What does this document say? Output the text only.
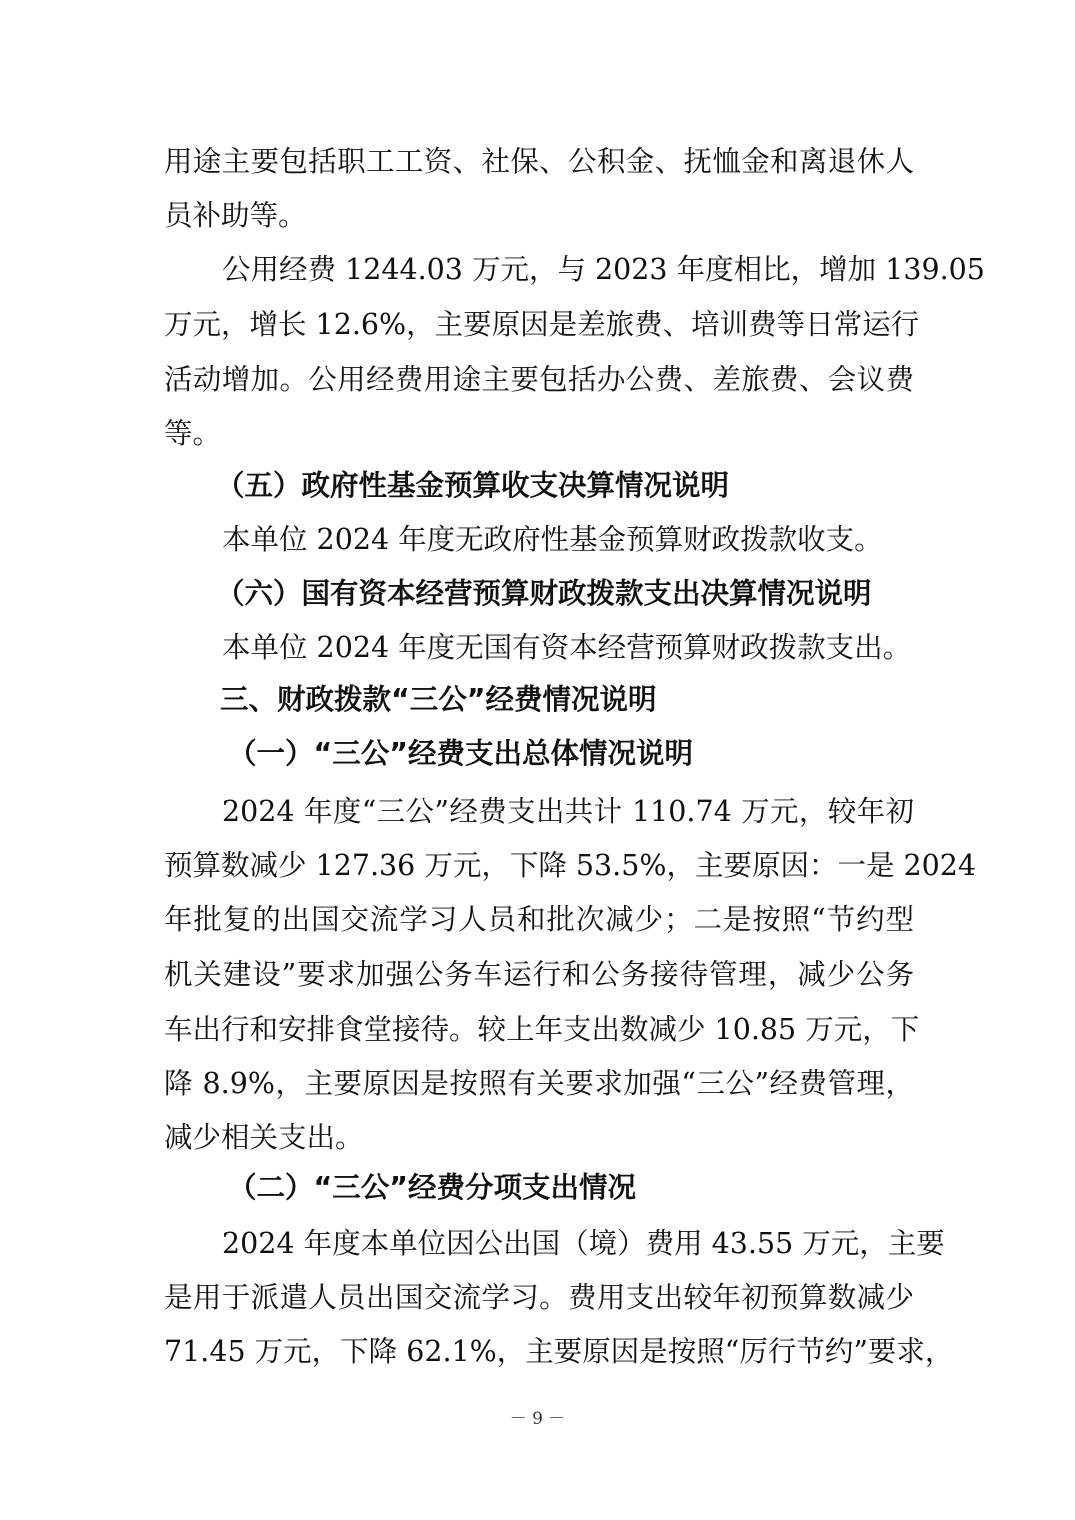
用途主要包括职工工资、社保、公积金、抚恤金和离退休人
员补助等。
公用经费 1244.03 万元，与 2023 年度相比，增加 139.05
万元，增长 12.6%，主要原因是差旅费、培训费等日常运行
活动增加。公用经费用途主要包括办公费、差旅费、会议费
等。
（五）政府性基金预算收支决算情况说明
本单位 2024 年度无政府性基金预算财政拨款收支。
（六）国有资本经营预算财政拨款支出决算情况说明
本单位 2024 年度无国有资本经营预算财政拨款支出。
三、财政拨款“三公”经费情况说明
（一）“三公”经费支出总体情况说明
2024 年度“三公”经费支出共计 110.74 万元，较年初
预算数减少 127.36 万元，下降 53.5%，主要原因：一是 2024
年批复的出国交流学习人员和批次减少；二是按照“节约型
机关建设”要求加强公务车运行和公务接待管理，减少公务
车出行和安排食堂接待。较上年支出数减少 10.85 万元，下
降 8.9%，主要原因是按照有关要求加强“三公”经费管理，
减少相关支出。
（二）“三公”经费分项支出情况
2024 年度本单位因公出国（境）费用 43.55 万元，主要
是用于派遣人员出国交流学习。费用支出较年初预算数减少
71.45 万元，下降 62.1%，主要原因是按照“厉行节约”要求，
－ 9 －
